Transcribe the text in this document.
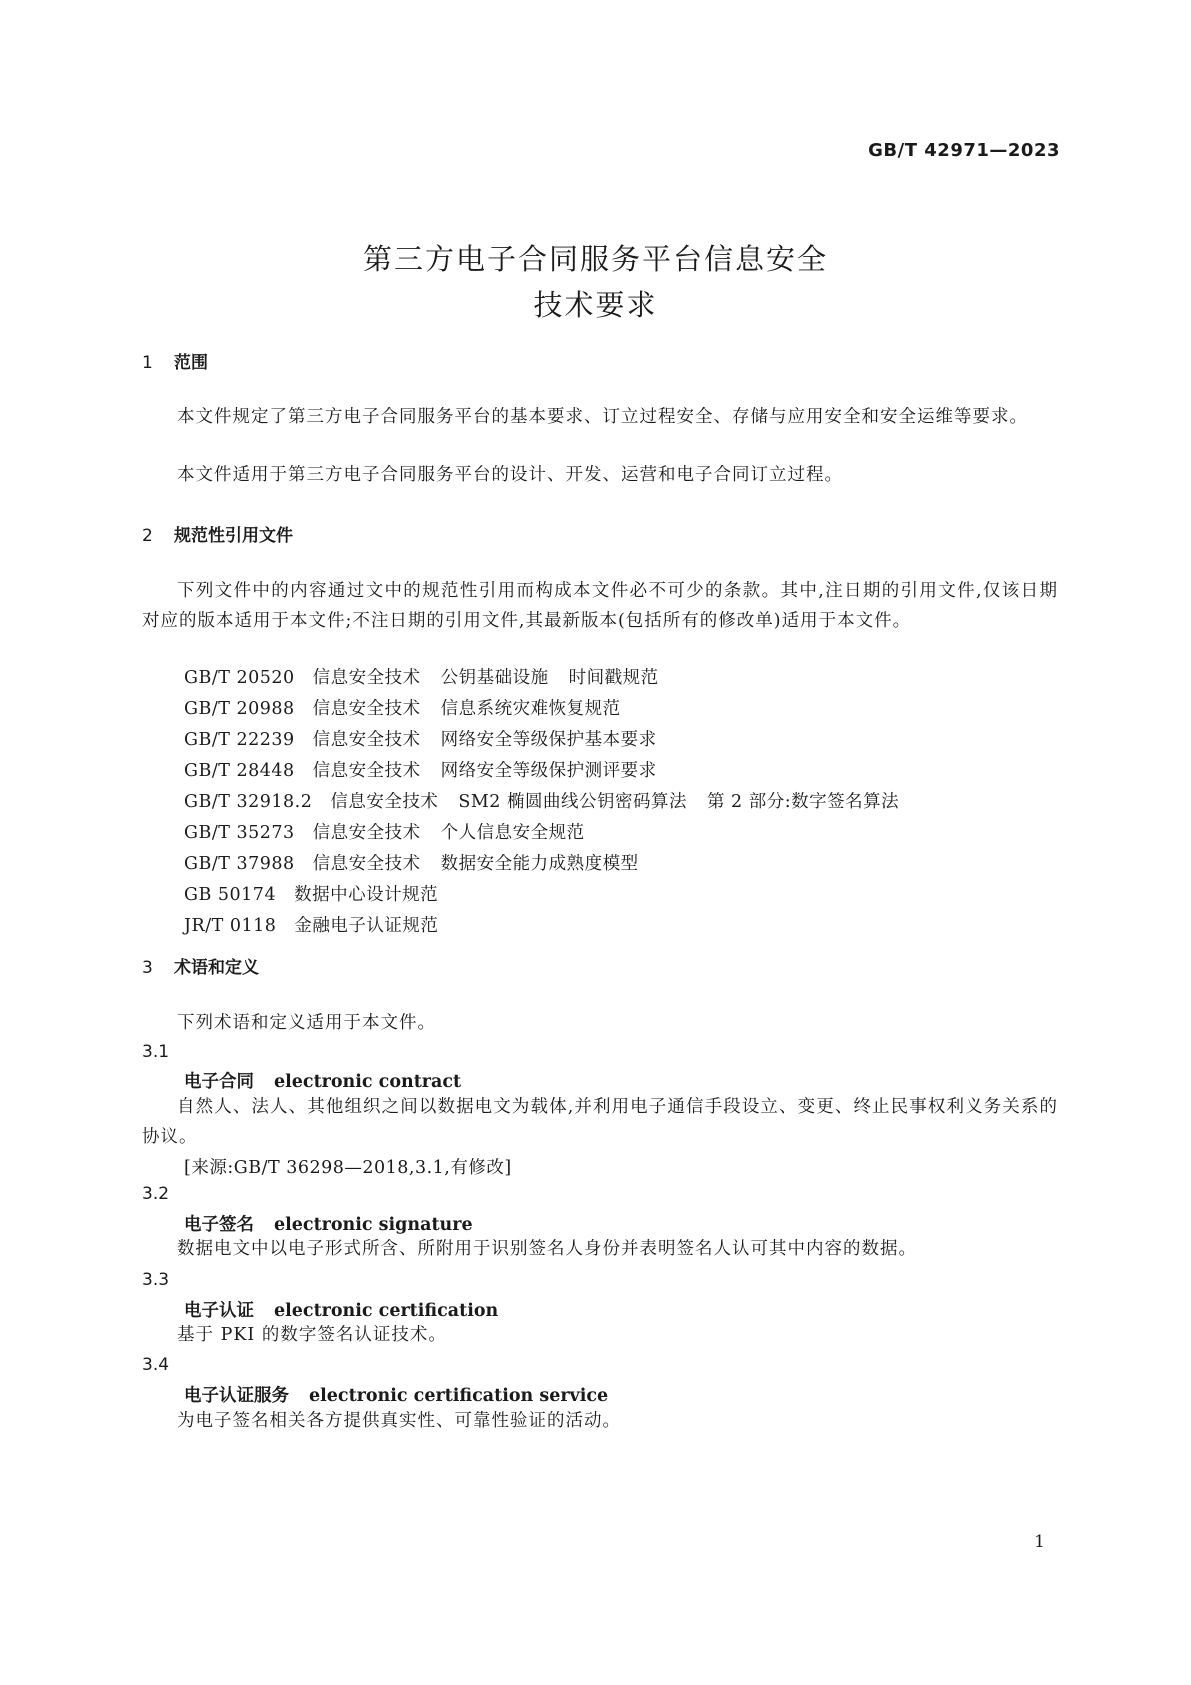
GB/T 42971—2023
第三方电子合同服务平台信息安全
技术要求
1 范围
本文件规定了第三方电子合同服务平台的基本要求、订立过程安全、存储与应用安全和安全运维等要求。
本文件适用于第三方电子合同服务平台的设计、开发、运营和电子合同订立过程。
2 规范性引用文件
下列文件中的内容通过文中的规范性引用而构成本文件必不可少的条款。其中,注日期的引用文件,仅该日期对应的版本适用于本文件;不注日期的引用文件,其最新版本(包括所有的修改单)适用于本文件。
GB/T 20520 信息安全技术 公钥基础设施 时间戳规范
GB/T 20988 信息安全技术 信息系统灾难恢复规范
GB/T 22239 信息安全技术 网络安全等级保护基本要求
GB/T 28448 信息安全技术 网络安全等级保护测评要求
GB/T 32918.2 信息安全技术 SM2 椭圆曲线公钥密码算法 第 2 部分:数字签名算法
GB/T 35273 信息安全技术 个人信息安全规范
GB/T 37988 信息安全技术 数据安全能力成熟度模型
GB 50174 数据中心设计规范
JR/T 0118 金融电子认证规范
3 术语和定义
下列术语和定义适用于本文件。
3.1
电子合同 electronic contract
自然人、法人、其他组织之间以数据电文为载体,并利用电子通信手段设立、变更、终止民事权利义务关系的协议。
[来源:GB/T 36298—2018,3.1,有修改]
3.2
电子签名 electronic signature
数据电文中以电子形式所含、所附用于识别签名人身份并表明签名人认可其中内容的数据。
3.3
电子认证 electronic certification
基于 PKI 的数字签名认证技术。
3.4
电子认证服务 electronic certification service
为电子签名相关各方提供真实性、可靠性验证的活动。
1
